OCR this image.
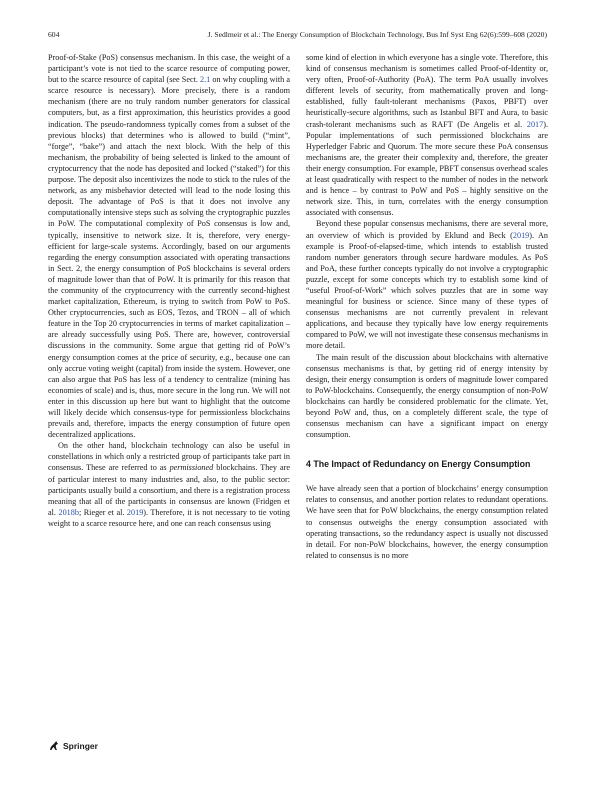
604	J. Sedlmeir et al.: The Energy Consumption of Blockchain Technology, Bus Inf Syst Eng 62(6):599–608 (2020)

Proof-of-Stake (PoS) consensus mechanism. In this case, the weight of a participant’s vote is not tied to the scarce resource of computing power, but to the scarce resource of capital (see Sect. 2.1 on why coupling with a scarce resource is necessary). More precisely, there is a random mechanism (there are no truly random number generators for classical computers, but, as a first approximation, this heuristics provides a good indication. The pseudo-randomness typically comes from a subset of the previous blocks) that determines who is allowed to build (“mint”, “forge”, “bake”) and attach the next block. With the help of this mechanism, the probability of being selected is linked to the amount of cryptocurrency that the node has deposited and locked (“staked”) for this purpose. The deposit also incentivizes the node to stick to the rules of the network, as any misbehavior detected will lead to the node losing this deposit. The advantage of PoS is that it does not involve any computationally intensive steps such as solving the cryptographic puzzles in PoW. The computational complexity of PoS consensus is low and, typically, insensitive to network size. It is, therefore, very energy-efficient for large-scale systems. Accordingly, based on our arguments regarding the energy consumption associated with operating transactions in Sect. 2, the energy consumption of PoS blockchains is several orders of magnitude lower than that of PoW. It is primarily for this reason that the community of the cryptocurrency with the currently second-highest market capitalization, Ethereum, is trying to switch from PoW to PoS. Other cryptocurrencies, such as EOS, Tezos, and TRON – all of which feature in the Top 20 cryptocurrencies in terms of market capitalization – are already successfully using PoS. There are, however, controversial discussions in the community. Some argue that getting rid of PoW’s energy consumption comes at the price of security, e.g., because one can only accrue voting weight (capital) from inside the system. However, one can also argue that PoS has less of a tendency to centralize (mining has economies of scale) and is, thus, more secure in the long run. We will not enter in this discussion up here but want to highlight that the outcome will likely decide which consensus-type for permissionless blockchains prevails and, therefore, impacts the energy consumption of future open decentralized applications.

On the other hand, blockchain technology can also be useful in constellations in which only a restricted group of participants take part in consensus. These are referred to as permissioned blockchains. They are of particular interest to many industries and, also, to the public sector: participants usually build a consortium, and there is a registration process meaning that all of the participants in consensus are known (Fridgen et al. 2018b; Rieger et al. 2019). Therefore, it is not necessary to tie voting weight to a scarce resource here, and one can reach consensus using

some kind of election in which everyone has a single vote. Therefore, this kind of consensus mechanism is sometimes called Proof-of-Identity or, very often, Proof-of-Authority (PoA). The term PoA usually involves different levels of security, from mathematically proven and long-established, fully fault-tolerant mechanisms (Paxos, PBFT) over heuristically-secure algorithms, such as Istanbul BFT and Aura, to basic crash-tolerant mechanisms such as RAFT (De Angelis et al. 2017). Popular implementations of such permissioned blockchains are Hyperledger Fabric and Quorum. The more secure these PoA consensus mechanisms are, the greater their complexity and, therefore, the greater their energy consumption. For example, PBFT consensus overhead scales at least quadratically with respect to the number of nodes in the network and is hence – by contrast to PoW and PoS – highly sensitive on the network size. This, in turn, correlates with the energy consumption associated with consensus.

Beyond these popular consensus mechanisms, there are several more, an overview of which is provided by Eklund and Beck (2019). An example is Proof-of-elapsed-time, which intends to establish trusted random number generators through secure hardware modules. As PoS and PoA, these further concepts typically do not involve a cryptographic puzzle, except for some concepts which try to establish some kind of “useful Proof-of-Work” which solves puzzles that are in some way meaningful for business or science. Since many of these types of consensus mechanisms are not currently prevalent in relevant applications, and because they typically have low energy requirements compared to PoW, we will not investigate these consensus mechanisms in more detail.

The main result of the discussion about blockchains with alternative consensus mechanisms is that, by getting rid of energy intensity by design, their energy consumption is orders of magnitude lower compared to PoW-blockchains. Consequently, the energy consumption of non-PoW blockchains can hardly be considered problematic for the climate. Yet, beyond PoW and, thus, on a completely different scale, the type of consensus mechanism can have a significant impact on energy consumption.

4 The Impact of Redundancy on Energy Consumption

We have already seen that a portion of blockchains’ energy consumption relates to consensus, and another portion relates to redundant operations. We have seen that for PoW blockchains, the energy consumption related to consensus outweighs the energy consumption associated with operating transactions, so the redundancy aspect is usually not discussed in detail. For non-PoW blockchains, however, the energy consumption related to consensus is no more

Springer
